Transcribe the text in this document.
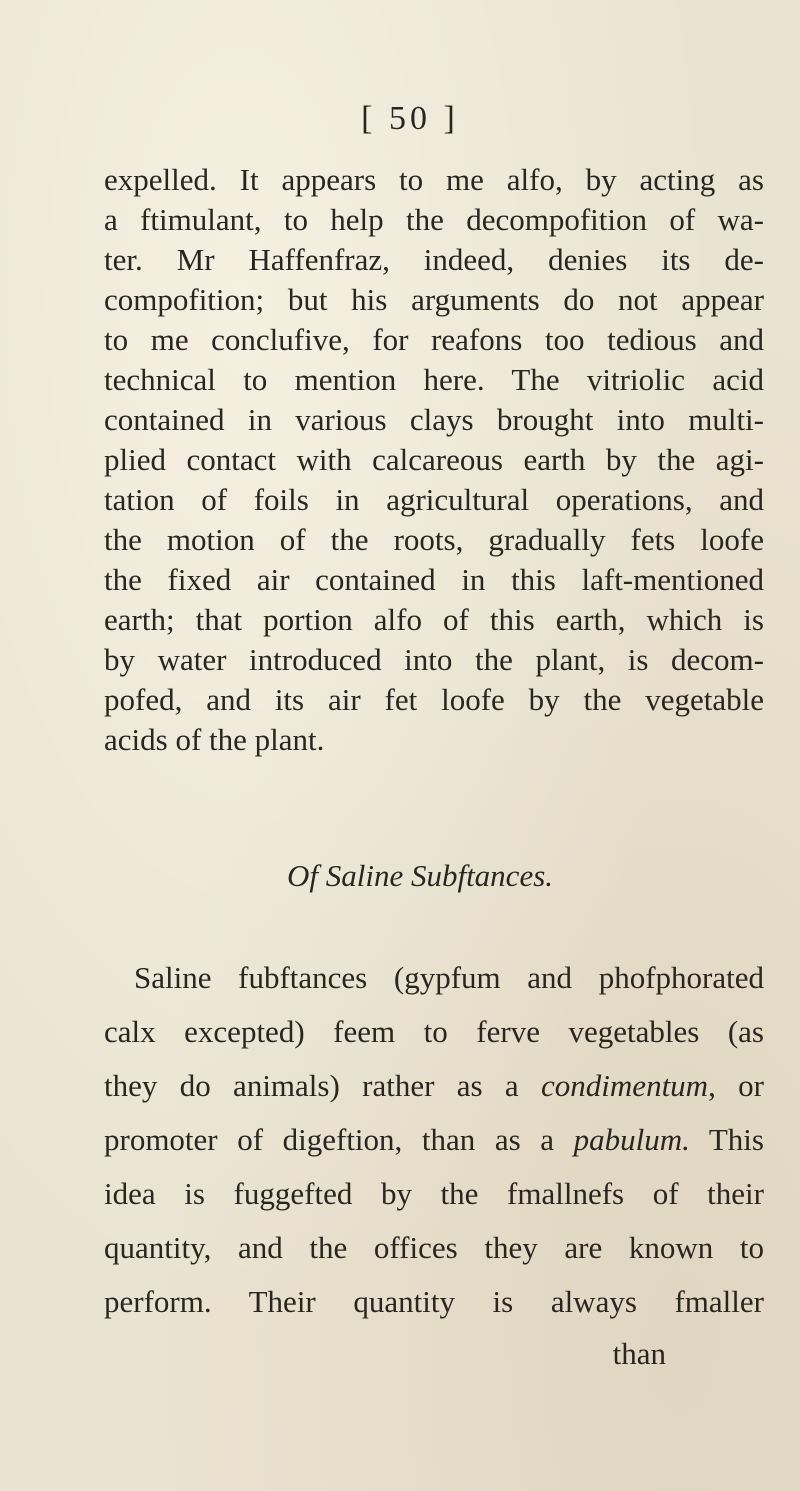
[ 50 ]
expelled. It appears to me alfo, by acting as
a ftimulant, to help the decompofition of wa-
ter. Mr Haffenfraz, indeed, denies its de-
compofition; but his arguments do not appear
to me conclufive, for reafons too tedious and
technical to mention here. The vitriolic acid
contained in various clays brought into multi-
plied contact with calcareous earth by the agi-
tation of foils in agricultural operations, and
the motion of the roots, gradually fets loofe
the fixed air contained in this laft-mentioned
earth; that portion alfo of this earth, which is
by water introduced into the plant, is decom-
pofed, and its air fet loofe by the vegetable
acids of the plant.
Of Saline Subftances.
Saline fubftances (gypfum and phofphorated
calx excepted) feem to ferve vegetables (as
they do animals) rather as a condimentum, or
promoter of digeftion, than as a pabulum. This
idea is fuggefted by the fmallnefs of their
quantity, and the offices they are known to
perform. Their quantity is always fmaller
than
